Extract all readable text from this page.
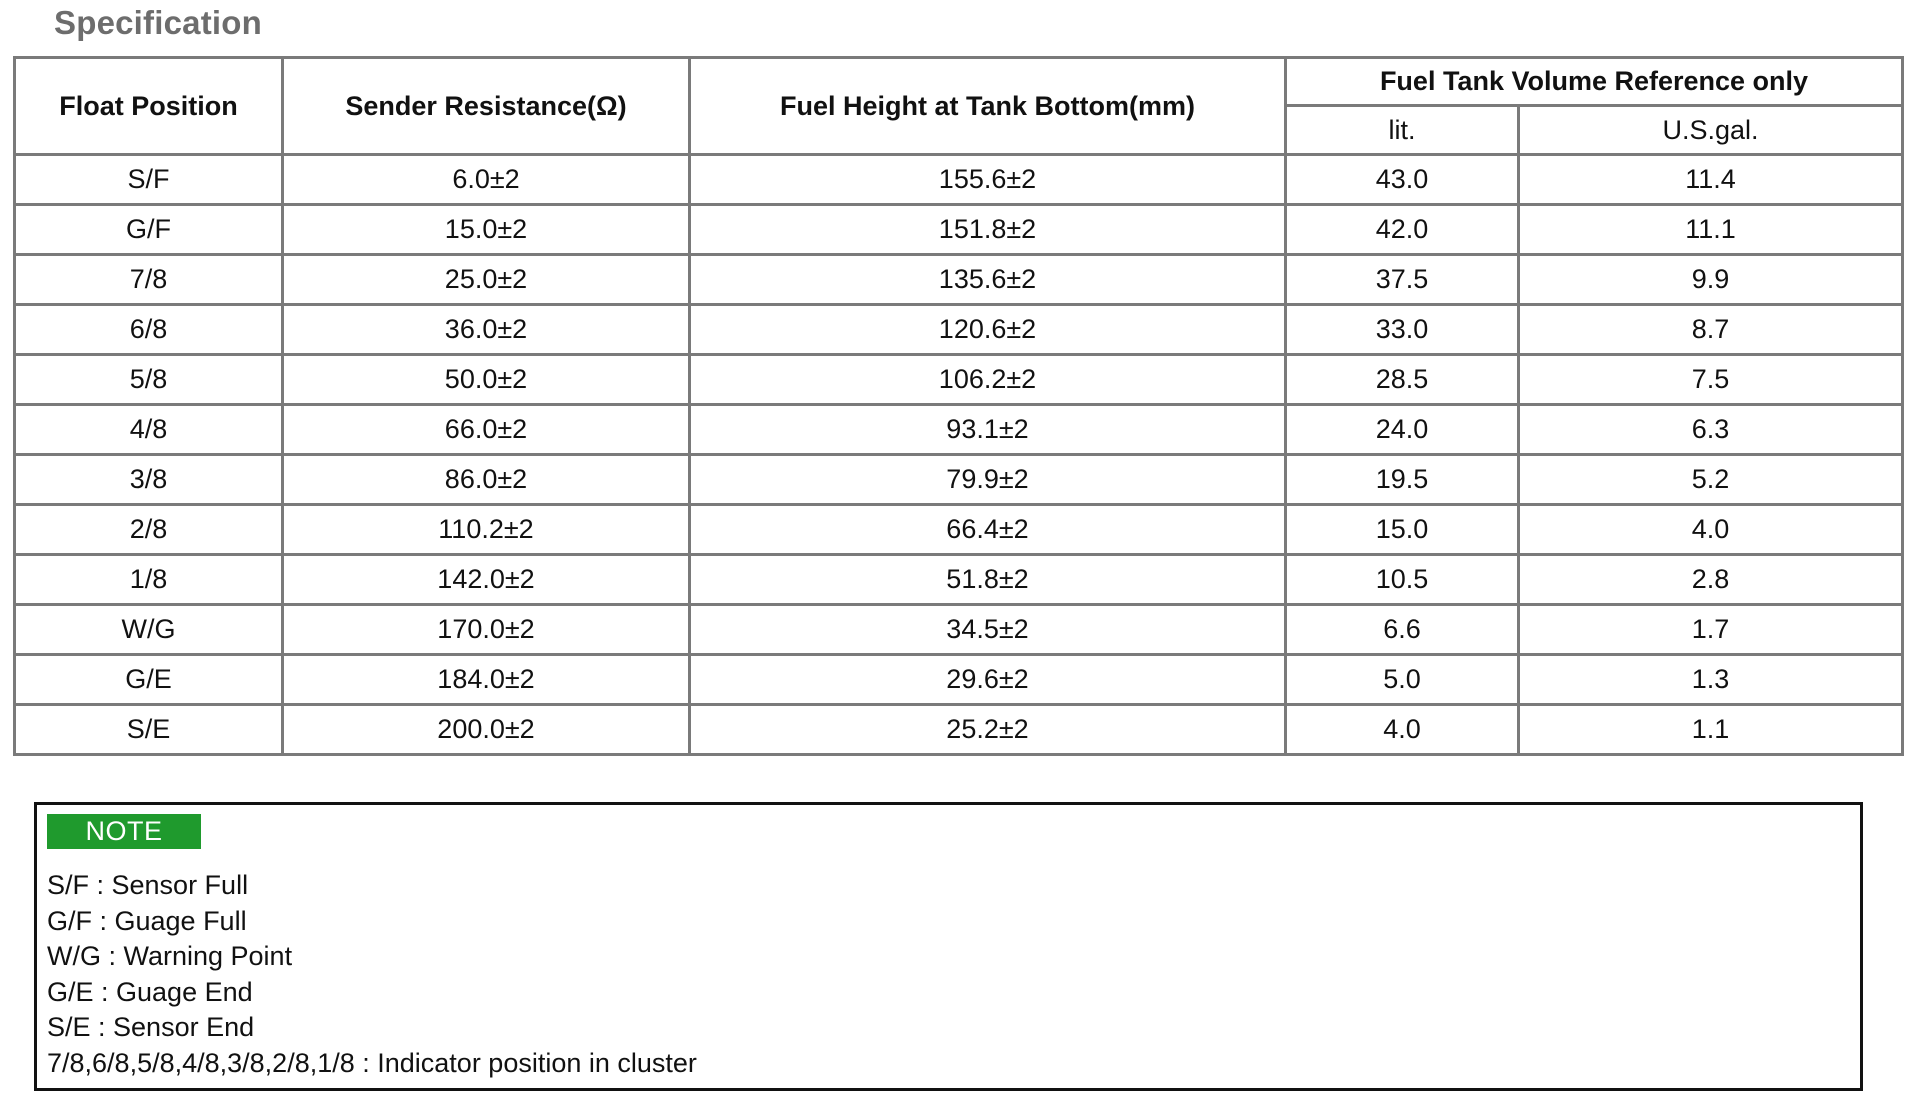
Specification
Float Position	Sender Resistance(Ω)	Fuel Height at Tank Bottom(mm)	Fuel Tank Volume Reference only	
			lit.	U.S.gal.
S/F	6.0±2	155.6±2	43.0	11.4
G/F	15.0±2	151.8±2	42.0	11.1
7/8	25.0±2	135.6±2	37.5	9.9
6/8	36.0±2	120.6±2	33.0	8.7
5/8	50.0±2	106.2±2	28.5	7.5
4/8	66.0±2	93.1±2	24.0	6.3
3/8	86.0±2	79.9±2	19.5	5.2
2/8	110.2±2	66.4±2	15.0	4.0
1/8	142.0±2	51.8±2	10.5	2.8
W/G	170.0±2	34.5±2	6.6	1.7
G/E	184.0±2	29.6±2	5.0	1.3
S/E	200.0±2	25.2±2	4.0	1.1
NOTE
S/F : Sensor Full
G/F : Guage Full
W/G : Warning Point
G/E : Guage End
S/E : Sensor End
7/8,6/8,5/8,4/8,3/8,2/8,1/8 : Indicator position in cluster
